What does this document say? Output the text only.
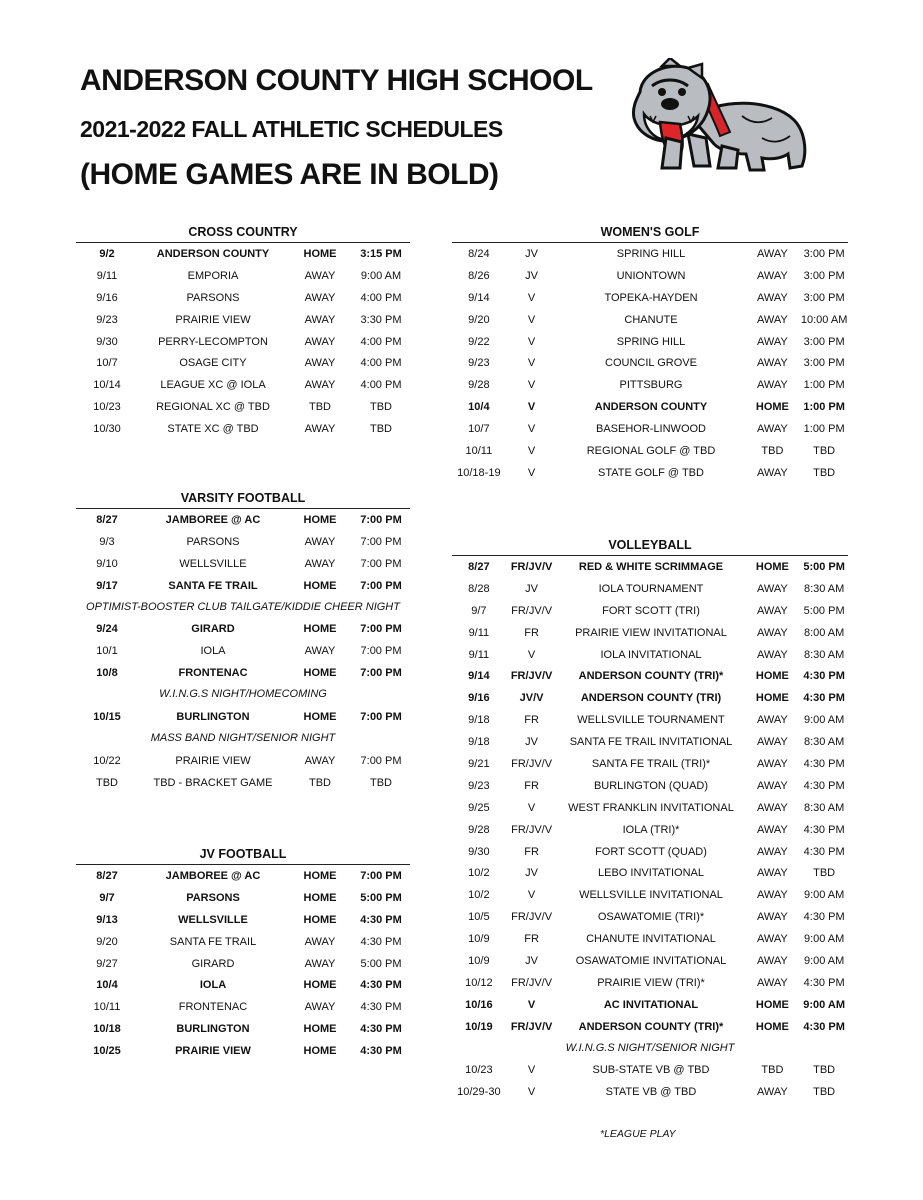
ANDERSON COUNTY HIGH SCHOOL
2021-2022 FALL ATHLETIC SCHEDULES
(HOME GAMES ARE IN BOLD)
CROSS COUNTRY
9/2	ANDERSON COUNTY	HOME	3:15 PM
9/11	EMPORIA	AWAY	9:00 AM
9/16	PARSONS	AWAY	4:00 PM
9/23	PRAIRIE VIEW	AWAY	3:30 PM
9/30	PERRY-LECOMPTON	AWAY	4:00 PM
10/7	OSAGE CITY	AWAY	4:00 PM
10/14	LEAGUE XC @ IOLA	AWAY	4:00 PM
10/23	REGIONAL XC @ TBD	TBD	TBD
10/30	STATE XC @ TBD	AWAY	TBD
VARSITY FOOTBALL
8/27	JAMBOREE @ AC	HOME	7:00 PM
9/3	PARSONS	AWAY	7:00 PM
9/10	WELLSVILLE	AWAY	7:00 PM
9/17	SANTA FE TRAIL	HOME	7:00 PM
OPTIMIST-BOOSTER CLUB TAILGATE/KIDDIE CHEER NIGHT
9/24	GIRARD	HOME	7:00 PM
10/1	IOLA	AWAY	7:00 PM
10/8	FRONTENAC	HOME	7:00 PM
W.I.N.G.S NIGHT/HOMECOMING
10/15	BURLINGTON	HOME	7:00 PM
MASS BAND NIGHT/SENIOR NIGHT
10/22	PRAIRIE VIEW	AWAY	7:00 PM
TBD	TBD - BRACKET GAME	TBD	TBD
JV FOOTBALL
8/27	JAMBOREE @ AC	HOME	7:00 PM
9/7	PARSONS	HOME	5:00 PM
9/13	WELLSVILLE	HOME	4:30 PM
9/20	SANTA FE TRAIL	AWAY	4:30 PM
9/27	GIRARD	AWAY	5:00 PM
10/4	IOLA	HOME	4:30 PM
10/11	FRONTENAC	AWAY	4:30 PM
10/18	BURLINGTON	HOME	4:30 PM
10/25	PRAIRIE VIEW	HOME	4:30 PM
WOMEN'S GOLF
8/24	JV	SPRING HILL	AWAY	3:00 PM
8/26	JV	UNIONTOWN	AWAY	3:00 PM
9/14	V	TOPEKA-HAYDEN	AWAY	3:00 PM
9/20	V	CHANUTE	AWAY	10:00 AM
9/22	V	SPRING HILL	AWAY	3:00 PM
9/23	V	COUNCIL GROVE	AWAY	3:00 PM
9/28	V	PITTSBURG	AWAY	1:00 PM
10/4	V	ANDERSON COUNTY	HOME	1:00 PM
10/7	V	BASEHOR-LINWOOD	AWAY	1:00 PM
10/11	V	REGIONAL GOLF @ TBD	TBD	TBD
10/18-19	V	STATE GOLF @ TBD	AWAY	TBD
VOLLEYBALL
8/27	FR/JV/V	RED & WHITE SCRIMMAGE	HOME	5:00 PM
8/28	JV	IOLA TOURNAMENT	AWAY	8:30 AM
9/7	FR/JV/V	FORT SCOTT (TRI)	AWAY	5:00 PM
9/11	FR	PRAIRIE VIEW INVITATIONAL	AWAY	8:00 AM
9/11	V	IOLA INVITATIONAL	AWAY	8:30 AM
9/14	FR/JV/V	ANDERSON COUNTY (TRI)*	HOME	4:30 PM
9/16	JV/V	ANDERSON COUNTY (TRI)	HOME	4:30 PM
9/18	FR	WELLSVILLE TOURNAMENT	AWAY	9:00 AM
9/18	JV	SANTA FE TRAIL INVITATIONAL	AWAY	8:30 AM
9/21	FR/JV/V	SANTA FE TRAIL (TRI)*	AWAY	4:30 PM
9/23	FR	BURLINGTON (QUAD)	AWAY	4:30 PM
9/25	V	WEST FRANKLIN INVITATIONAL	AWAY	8:30 AM
9/28	FR/JV/V	IOLA (TRI)*	AWAY	4:30 PM
9/30	FR	FORT SCOTT (QUAD)	AWAY	4:30 PM
10/2	JV	LEBO INVITATIONAL	AWAY	TBD
10/2	V	WELLSVILLE INVITATIONAL	AWAY	9:00 AM
10/5	FR/JV/V	OSAWATOMIE (TRI)*	AWAY	4:30 PM
10/9	FR	CHANUTE INVITATIONAL	AWAY	9:00 AM
10/9	JV	OSAWATOMIE INVITATIONAL	AWAY	9:00 AM
10/12	FR/JV/V	PRAIRIE VIEW (TRI)*	AWAY	4:30 PM
10/16	V	AC INVITATIONAL	HOME	9:00 AM
10/19	FR/JV/V	ANDERSON COUNTY (TRI)*	HOME	4:30 PM
W.I.N.G.S NIGHT/SENIOR NIGHT
10/23	V	SUB-STATE VB @ TBD	TBD	TBD
10/29-30	V	STATE VB @ TBD	AWAY	TBD
*LEAGUE PLAY
